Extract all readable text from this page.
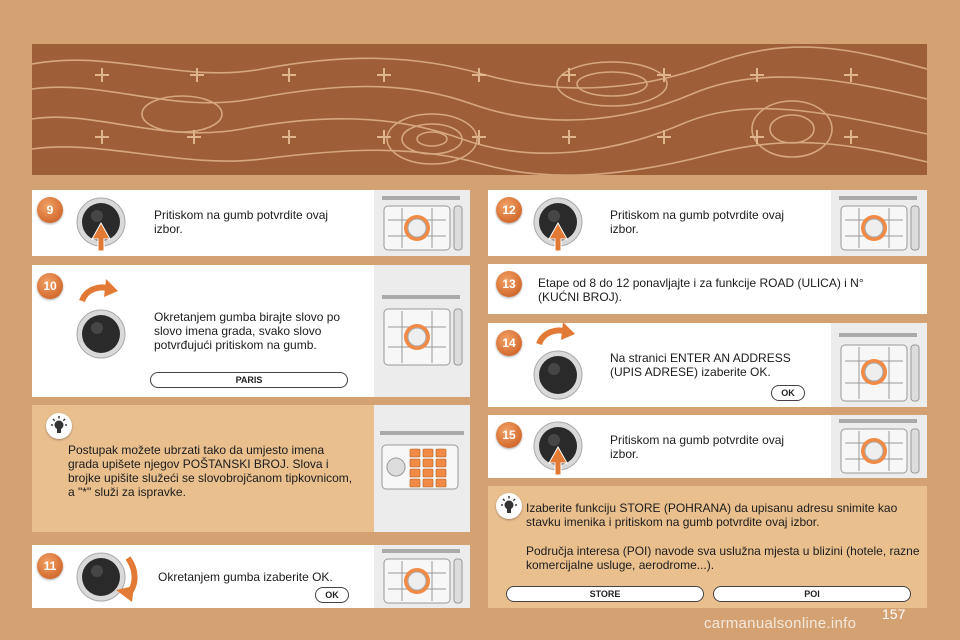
Pritiskom na gumb potvrdite ovaj izbor.
9
Okretanjem gumba birajte slovo po slovo imena grada, svako slovo potvrđujući pritiskom na gumb.
PARIS
10
Postupak možete ubrzati tako da umjesto imena grada upišete njegov POŠTANSKI BROJ. Slova i brojke upišite služeći se slovobrojčanom tipkovnicom, a "*" služi za ispravke.
Okretanjem gumba izaberite OK.
OK
11
Pritiskom na gumb potvrdite ovaj izbor.
12
Etape od 8 do 12 ponavljajte i za funkcije ROAD (ULICA) i N° (KUĆNI BROJ).
13
Na stranici ENTER AN ADDRESS (UPIS ADRESE) izaberite OK.
OK
14
Pritiskom na gumb potvrdite ovaj izbor.
15
Izaberite funkciju STORE (POHRANA) da upisanu adresu snimite kao stavku imenika i pritiskom na gumb potvrdite ovaj izbor.
Područja interesa (POI) navode sva uslužna mjesta u blizini (hotele, razne komercijalne usluge, aerodrome...).
STORE	POI
157
carmanualsonline.info
